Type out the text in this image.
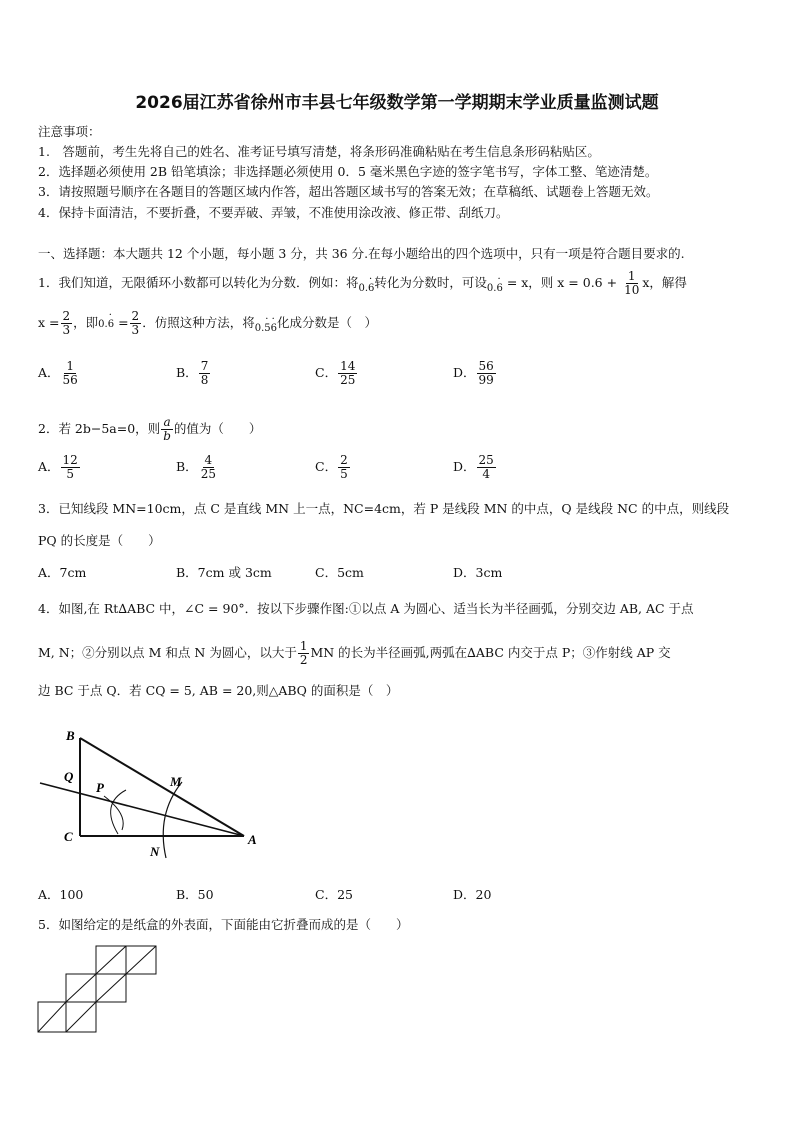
2026届江苏省徐州市丰县七年级数学第一学期期末学业质量监测试题
注意事项：
1.　答题前，考生先将自己的姓名、准考证号填写清楚，将条形码准确粘贴在考生信息条形码粘贴区。
2．选择题必须使用 2B 铅笔填涂；非选择题必须使用 0．5 毫米黑色字迹的签字笔书写，字体工整、笔迹清楚。
3．请按照题号顺序在各题目的答题区域内作答，超出答题区域书写的答案无效；在草稿纸、试题卷上答题无效。
4．保持卡面清洁，不要折叠，不要弄破、弄皱，不准使用涂改液、修正带、刮纸刀。
一、选择题：本大题共 12 个小题，每小题 3 分，共 36 分.在每小题给出的四个选项中，只有一项是符合题目要求的.
1．我们知道，无限循环小数都可以转化为分数．例如：将$_{0. \cdot 6}$转化为分数时，可设$_{0. \cdot 6}$ = x，则 $x = 0.6 + \frac{1}{10}$ x，解得
$x = \frac{2}{3}$ ，即0.
·
$6 = \frac{2}{3}$ ．仿照这种方法，将$_{0. \cdot 5 \cdot 6}$化成分数是（　）
A． $\frac{1}{56}$	B． $\frac{7}{8}$	C． $\frac{14}{25}$	D． $\frac{56}{99}$
2．若 2b−5a=0，则 $\frac{a}{b}$ 的值为（　　）
A． $\frac{12}{5}$	B． $\frac{4}{25}$	C． $\frac{2}{5}$	D． $\frac{25}{4}$
3．已知线段 MN=10cm，点 C 是直线 MN 上一点，NC=4cm，若 P 是线段 MN 的中点，Q 是线段 NC 的中点，则线段
PQ 的长度是（　　）
A．7cm	B．7cm 或 3cm	C．5cm	D．3cm
4．如图,在 Rt∆ABC 中，∠C = 90°．按以下步骤作图:①以点 A 为圆心、适当长为半径画弧，分别交边 AB, AC 于点
M, N；②分别以点 M 和点 N 为圆心，以大于 $\frac{1}{2}$ MN 的长为半径画弧,两弧在∆ABC 内交于点 P；③作射线 AP 交
边 BC 于点 Q．若 CQ = 5, AB = 20,则△ABQ 的面积是（　）
B
Q
P	M
C
N
A
A．100	B．50	C．25	D．20
5．如图给定的是纸盒的外表面，下面能由它折叠而成的是（　　）
